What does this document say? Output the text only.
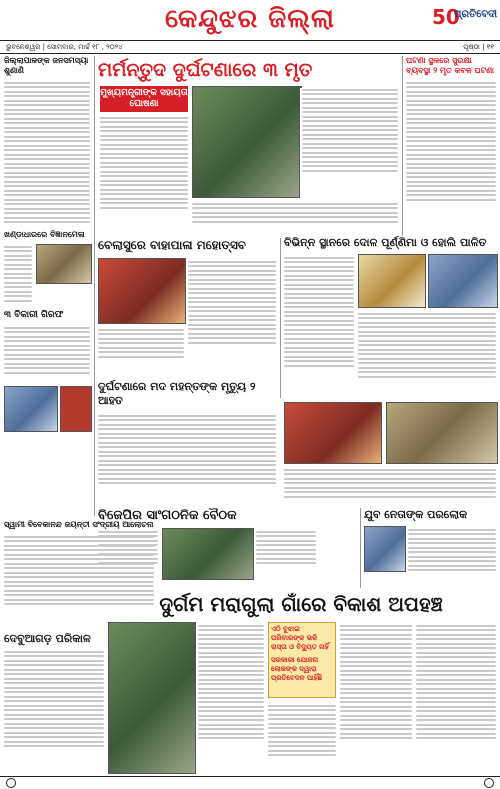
କେନ୍ଦୁଝର ଜିଲ୍ଲା	50
ପ୍ରତିବେଦୀ
ଭୁବନେଶ୍ୱର | ସୋମବାର, ମାର୍ଚ୍ଚ ୧୮ , ୨୦୨୪	ପୃଷ୍ଠା | ୧୧
ଜିଲ୍ଲାପାଳ‌ଙ୍କ ଜନସମସ୍ୟା ଶୁଣାଣି
ଖଣ୍ଡାଧାରରେ ବିଜ୍ଞାନମେଳା
୩ ବିକାରୀ ଗିରଫ
ସ୍ୱାମୀ ବିବେକାନନ୍ଦ ଜୟନ୍ତୀ ସଂଦ୍ରୀୟ ଆଲୋଚନା
ଦେବୁଆଗଡ଼ ପରିକାଳ
ମର୍ମନ୍ତୁଦ ଦୁର୍ଘଟଣାରେ ୩ ମୃତ
ମୁଖ୍ୟମନ୍ତ୍ରୀଙ୍କ ସହାୟତା ଘୋଷଣା
ଘଟଣା ସ୍ଥଳରେ ସୁରକ୍ଷା ବ୍ୟବସ୍ଥା ୨ ମୃତ କବଳ ଘଟଣା
ବେଲାସୁରେ ବାହାପାଳା ମହୋତ୍ସବ	ବିଭିନ୍ନ ସ୍ଥାନରେ ଦୋଳ ପୂର୍ଣ୍ଣିମା ଓ ହୋଲି ପାଳିତ
ଦୁର୍ଘଟଣାରେ ମଦ ମହନ୍ତଙ୍କ ମୃତ୍ୟୁ ୨ ଆହତ
ବିଜେପିର ସାଂଗଠନିକ ବୈଠକ	ଯୁବ ନେତାଙ୍କ ପରଲୋକ
ଦୁର୍ଗମ ମରାଗୁଲା ଗାଁରେ ବିକାଶ ଅପହଞ୍ଚ
ଏଠି ବୁଝାଇ ପରିବାରଙ୍କ ଭଳି ରାସ୍ତା ଓ ବିଦ୍ୟୁତ ନାହିଁ
ସରକାରୀ ଯୋଜନା ଲୋକଙ୍କ ଦ୍ୱାରା ପ୍ରତିବେଦନ ପାହିଁଛି
